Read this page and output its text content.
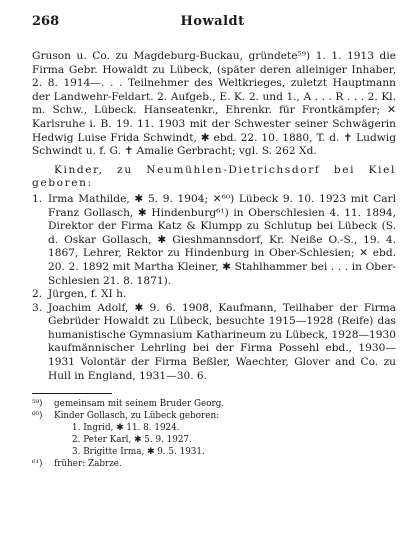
268	Howaldt

Gruson u. Co. zu Magdeburg-Buckau, gründete⁵⁹) 1. 1. 1913 die Firma Gebr. Howaldt zu Lübeck, (später deren alleiniger Inhaber, 2. 8. 1914—. . . Teilnehmer des Weltkrieges, zuletzt Hauptmann der Landwehr-Feldart. 2. Aufgeb., E. K. 2. und 1., A . . . R . . . 2. Kl. m. Schw., Lübeck. Hanseatenkr., Ehrenkr. für Frontkämpfer; ✕ Karlsruhe i. B. 19. 11. 1903 mit der Schwester seiner Schwägerin Hedwig Luise Frida Schwindt, ✱ ebd. 22. 10. 1880, T. d. ✝ Ludwig Schwindt u. f. G. ✝ Amalie Gerbracht; vgl. S. 262 Xd.

Kinder, zu Neumühlen-Dietrichsdorf bei Kiel geboren:

1. Irma Mathilde, ✱ 5. 9. 1904; ✕⁶⁰) Lübeck 9. 10. 1923 mit Carl Franz Gollasch, ✱ Hindenburg⁶¹) in Oberschlesien 4. 11. 1894, Direktor der Firma Katz & Klumpp zu Schlutup bei Lübeck (S. d. Oskar Gollasch, ✱ Gieshmannsdorf, Kr. Neiße O.-S., 19. 4. 1867, Lehrer, Rektor zu Hindenburg in Ober-Schlesien; ✕ ebd. 20. 2. 1892 mit Martha Kleiner, ✱ Stahlhammer bei . . . in Ober-Schlesien 21. 8. 1871).
2. Jürgen, f. XI h.
3. Joachim Adolf, ✱ 9. 6. 1908, Kaufmann, Teilhaber der Firma Gebrüder Howaldt zu Lübeck, besuchte 1915—1928 (Reife) das humanistische Gymnasium Katharineum zu Lübeck, 1928—1930 kaufmännischer Lehrling bei der Firma Possehl ebd., 1930—1931 Volontär der Firma Beßler, Waechter, Glover and Co. zu Hull in England, 1931—30. 6.

⁵⁹) gemeinsam mit seinem Bruder Georg.

⁶⁰) Kinder Gollasch, zu Lübeck geboren:

1. Ingrid, ✱ 11. 8. 1924.

2. Peter Karl, ✱ 5. 9. 1927.

3. Brigitte Irma, ✱ 9. 5. 1931.

⁶¹) früher: Zabrze.
